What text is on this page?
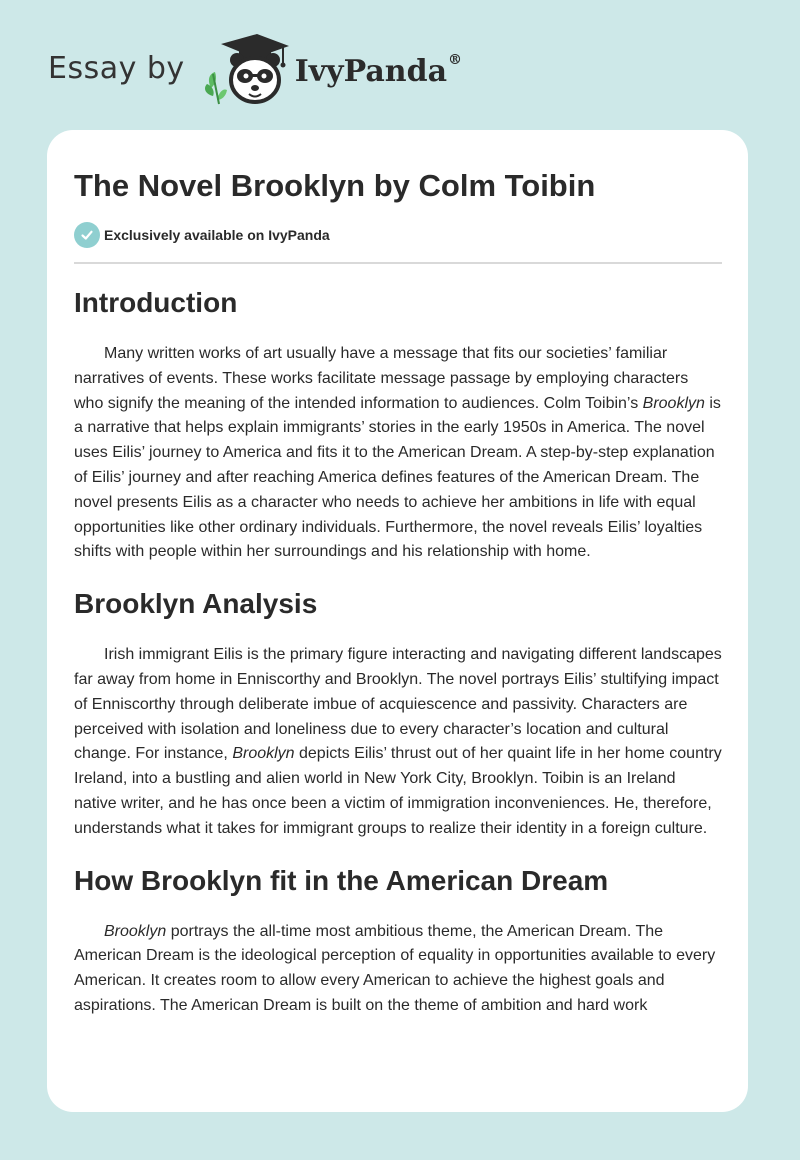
Essay by	IvyPanda®
The Novel Brooklyn by Colm Toibin
Exclusively available on IvyPanda
Introduction

Many written works of art usually have a message that fits our societies’ familiar narratives of events. These works facilitate message passage by employing characters who signify the meaning of the intended information to audiences. Colm Toibin’s Brooklyn is a narrative that helps explain immigrants’ stories in the early 1950s in America. The novel uses Eilis’ journey to America and fits it to the American Dream. A step-by-step explanation of Eilis’ journey and after reaching America defines features of the American Dream. The novel presents Eilis as a character who needs to achieve her ambitions in life with equal opportunities like other ordinary individuals. Furthermore, the novel reveals Eilis’ loyalties shifts with people within her surroundings and his relationship with home.

Brooklyn Analysis

Irish immigrant Eilis is the primary figure interacting and navigating different landscapes far away from home in Enniscorthy and Brooklyn. The novel portrays Eilis’ stultifying impact of Enniscorthy through deliberate imbue of acquiescence and passivity. Characters are perceived with isolation and loneliness due to every character’s location and cultural change. For instance, Brooklyn depicts Eilis’ thrust out of her quaint life in her home country Ireland, into a bustling and alien world in New York City, Brooklyn. Toibin is an Ireland native writer, and he has once been a victim of immigration inconveniences. He, therefore, understands what it takes for immigrant groups to realize their identity in a foreign culture.

How Brooklyn fit in the American Dream

Brooklyn portrays the all-time most ambitious theme, the American Dream. The American Dream is the ideological perception of equality in opportunities available to every American. It creates room to allow every American to achieve the highest goals and aspirations. The American Dream is built on the theme of ambition and hard work
